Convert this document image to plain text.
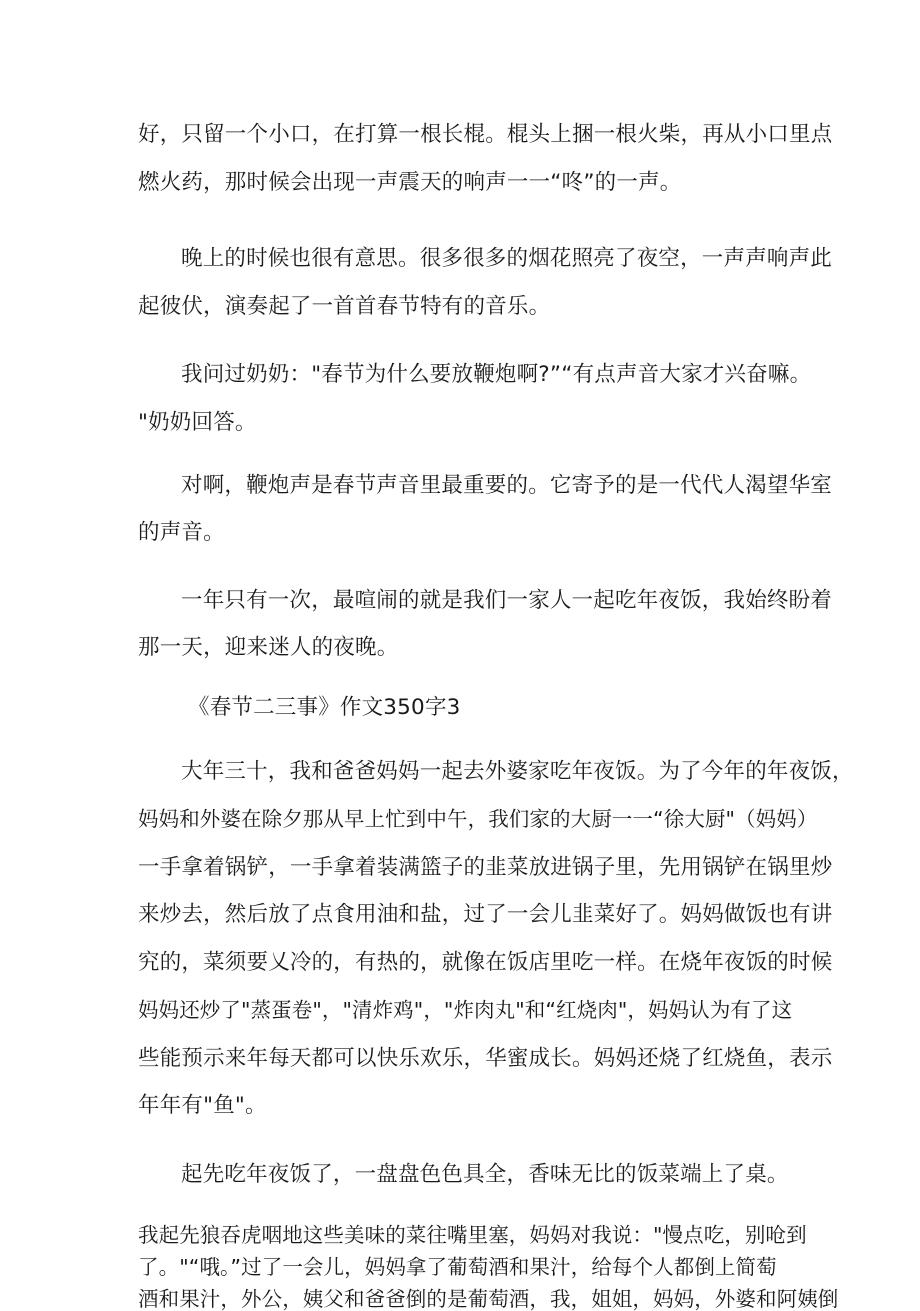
好，只留一个小口，在打算一根长棍。棍头上捆一根火柴，再从小口里点
燃火药，那时候会出现一声震天的响声一一“咚”的一声。
晚上的时候也很有意思。很多很多的烟花照亮了夜空，一声声响声此
起彼伏，演奏起了一首首春节特有的音乐。
我问过奶奶："春节为什么要放鞭炮啊?”“有点声音大家才兴奋嘛。
"奶奶回答。
对啊，鞭炮声是春节声音里最重要的。它寄予的是一代代人渴望华室
的声音。
一年只有一次，最喧闹的就是我们一家人一起吃年夜饭，我始终盼着
那一天，迎来迷人的夜晚。
《春节二三事》作文350字3
大年三十，我和爸爸妈妈一起去外婆家吃年夜饭。为了今年的年夜饭，
妈妈和外婆在除夕那从早上忙到中午，我们家的大厨一一“徐大厨"（妈妈）
一手拿着锅铲，一手拿着装满篮子的韭菜放进锅子里，先用锅铲在锅里炒
来炒去，然后放了点食用油和盐，过了一会儿韭菜好了。妈妈做饭也有讲
究的，菜须要乂冷的，有热的，就像在饭店里吃一样。在烧年夜饭的时候
妈妈还炒了"蒸蛋卷"，"清炸鸡"，"炸肉丸"和“红烧肉"，妈妈认为有了这
些能预示来年每天都可以快乐欢乐，华蜜成长。妈妈还烧了红烧鱼，表示
年年有"鱼"。
起先吃年夜饭了，一盘盘色色具全，香味无比的饭菜端上了桌。
我起先狼吞虎咽地这些美味的菜往嘴里塞，妈妈对我说："慢点吃，别呛到
了。"“哦。”过了一会儿，妈妈拿了葡萄酒和果汁，给每个人都倒上简萄
酒和果汁，外公，姨父和爸爸倒的是葡萄酒，我，姐姐，妈妈，外婆和阿姨倒
